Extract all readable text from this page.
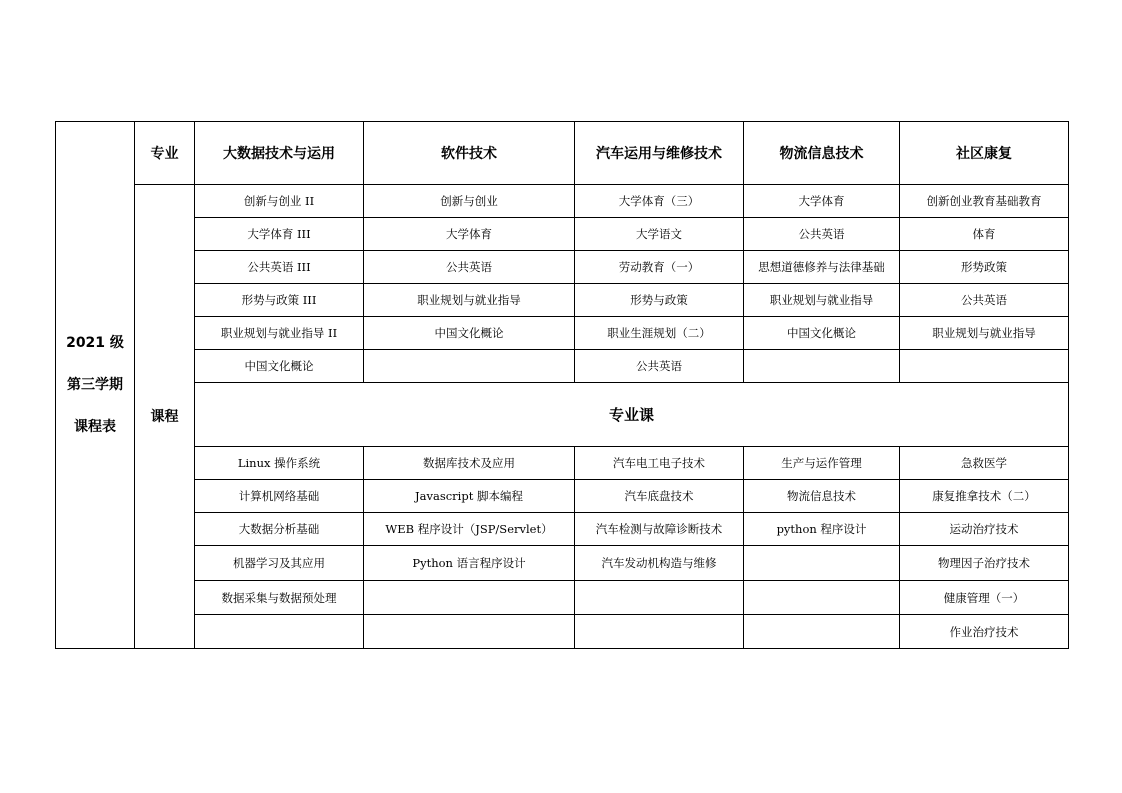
2021 级
第三学期
课程表	专业	大数据技术与运用	软件技术	汽车运用与维修技术	物流信息技术	社区康复
	课程	创新与创业 II	创新与创业	大学体育（三）	大学体育	创新创业教育基础教育
		大学体育 III	大学体育	大学语文	公共英语	体育
		公共英语 III	公共英语	劳动教育（一）	思想道德修养与法律基础	形势政策
		形势与政策 III	职业规划与就业指导	形势与政策	职业规划与就业指导	公共英语
		职业规划与就业指导 II	中国文化概论	职业生涯规划（二）	中国文化概论	职业规划与就业指导
		中国文化概论		公共英语		
		专业课				
		Linux 操作系统	数据库技术及应用	汽车电工电子技术	生产与运作管理	急救医学
		计算机网络基础	Javascript 脚本编程	汽车底盘技术	物流信息技术	康复推拿技术（二）
		大数据分析基础	WEB 程序设计（JSP/Servlet）	汽车检测与故障诊断技术	python 程序设计	运动治疗技术
		机器学习及其应用	Python 语言程序设计	汽车发动机构造与维修		物理因子治疗技术
		数据采集与数据预处理				健康管理（一）
						作业治疗技术
